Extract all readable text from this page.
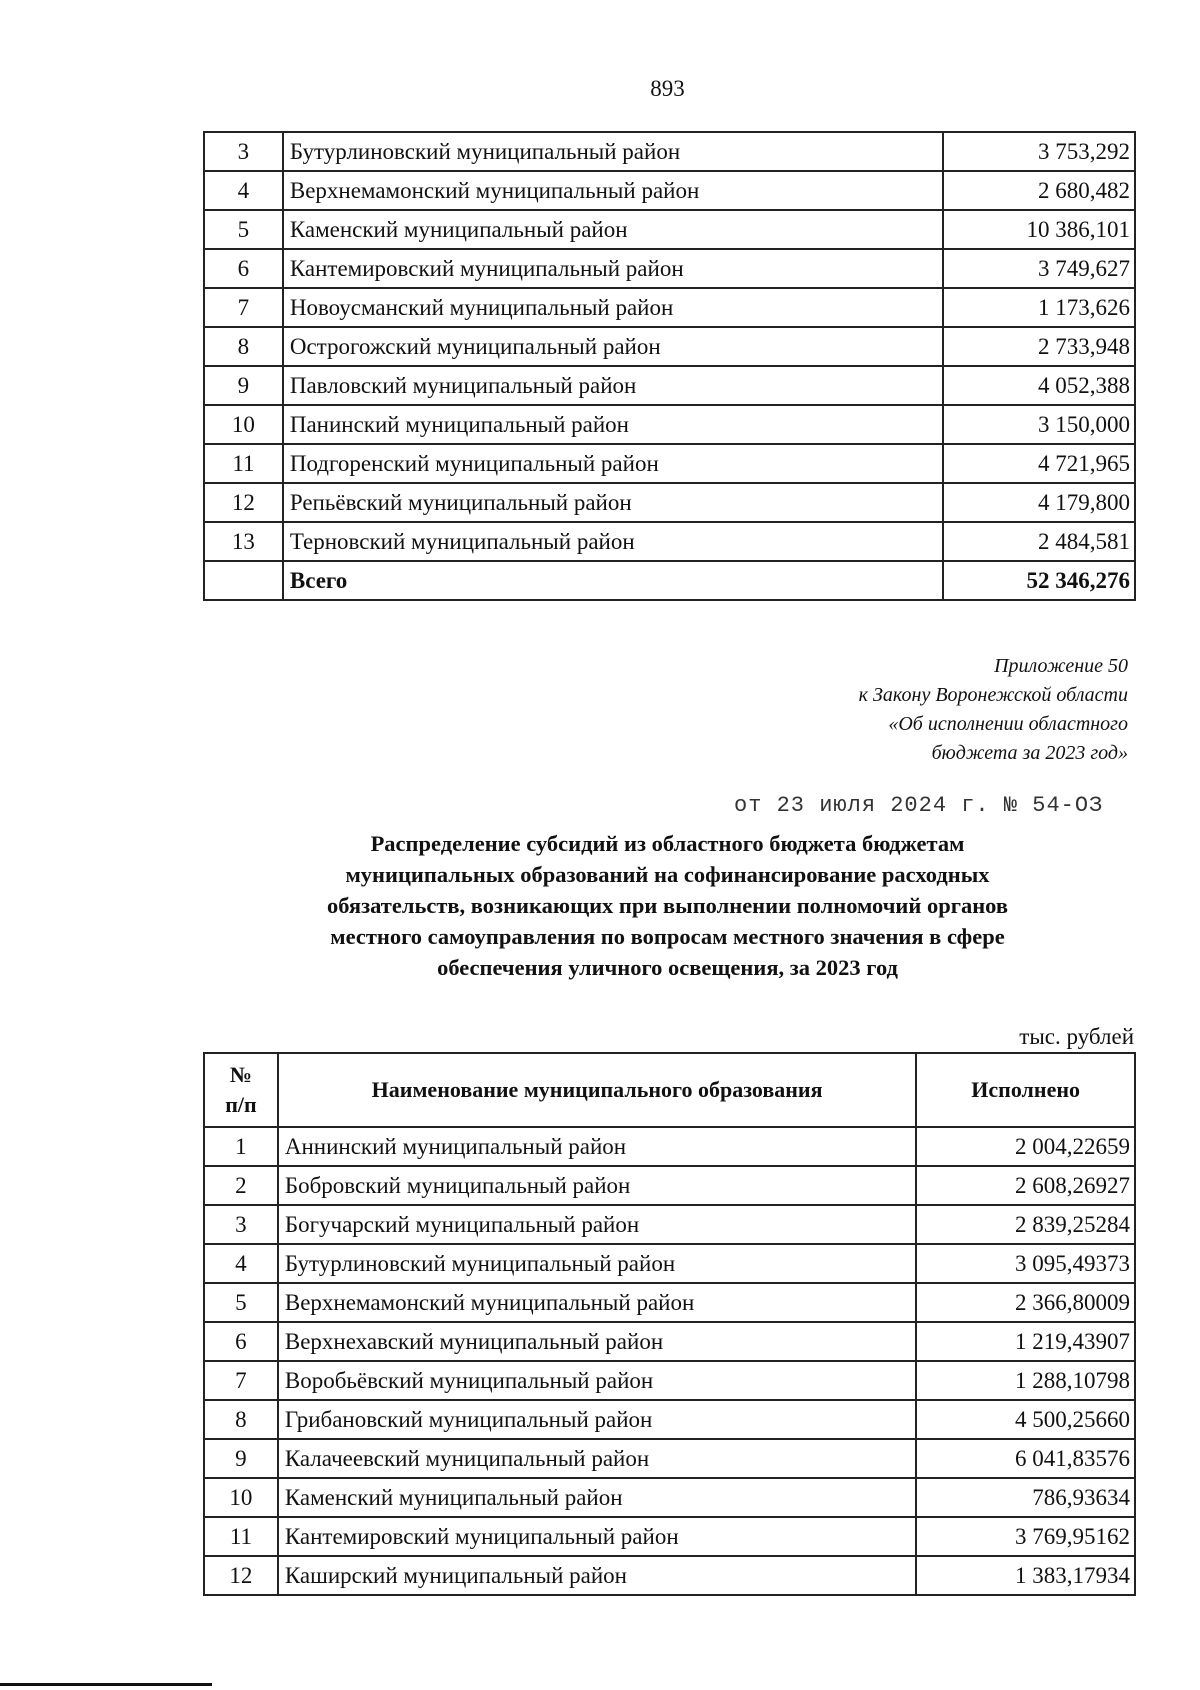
893
3	Бутурлиновский муниципальный район	3 753,292
4	Верхнемамонский муниципальный район	2 680,482
5	Каменский муниципальный район	10 386,101
6	Кантемировский муниципальный район	3 749,627
7	Новоусманский муниципальный район	1 173,626
8	Острогожский муниципальный район	2 733,948
9	Павловский муниципальный район	4 052,388
10	Панинский муниципальный район	3 150,000
11	Подгоренский муниципальный район	4 721,965
12	Репьёвский муниципальный район	4 179,800
13	Терновский муниципальный район	2 484,581
	Всего	52 346,276
Приложение 50
к Закону Воронежской области
«Об исполнении областного
бюджета за 2023 год»
от 23 июля 2024 г. № 54-ОЗ
Распределение субсидий из областного бюджета бюджетам
муниципальных образований на софинансирование расходных
обязательств, возникающих при выполнении полномочий органов
местного самоуправления по вопросам местного значения в сфере
обеспечения уличного освещения, за 2023 год
тыс. рублей
№
п/п	Наименование муниципального образования	Исполнено
1	Аннинский муниципальный район	2 004,22659
2	Бобровский муниципальный район	2 608,26927
3	Богучарский муниципальный район	2 839,25284
4	Бутурлиновский муниципальный район	3 095,49373
5	Верхнемамонский муниципальный район	2 366,80009
6	Верхнехавский муниципальный район	1 219,43907
7	Воробьёвский муниципальный район	1 288,10798
8	Грибановский муниципальный район	4 500,25660
9	Калачеевский муниципальный район	6 041,83576
10	Каменский муниципальный район	786,93634
11	Кантемировский муниципальный район	3 769,95162
12	Каширский муниципальный район	1 383,17934
